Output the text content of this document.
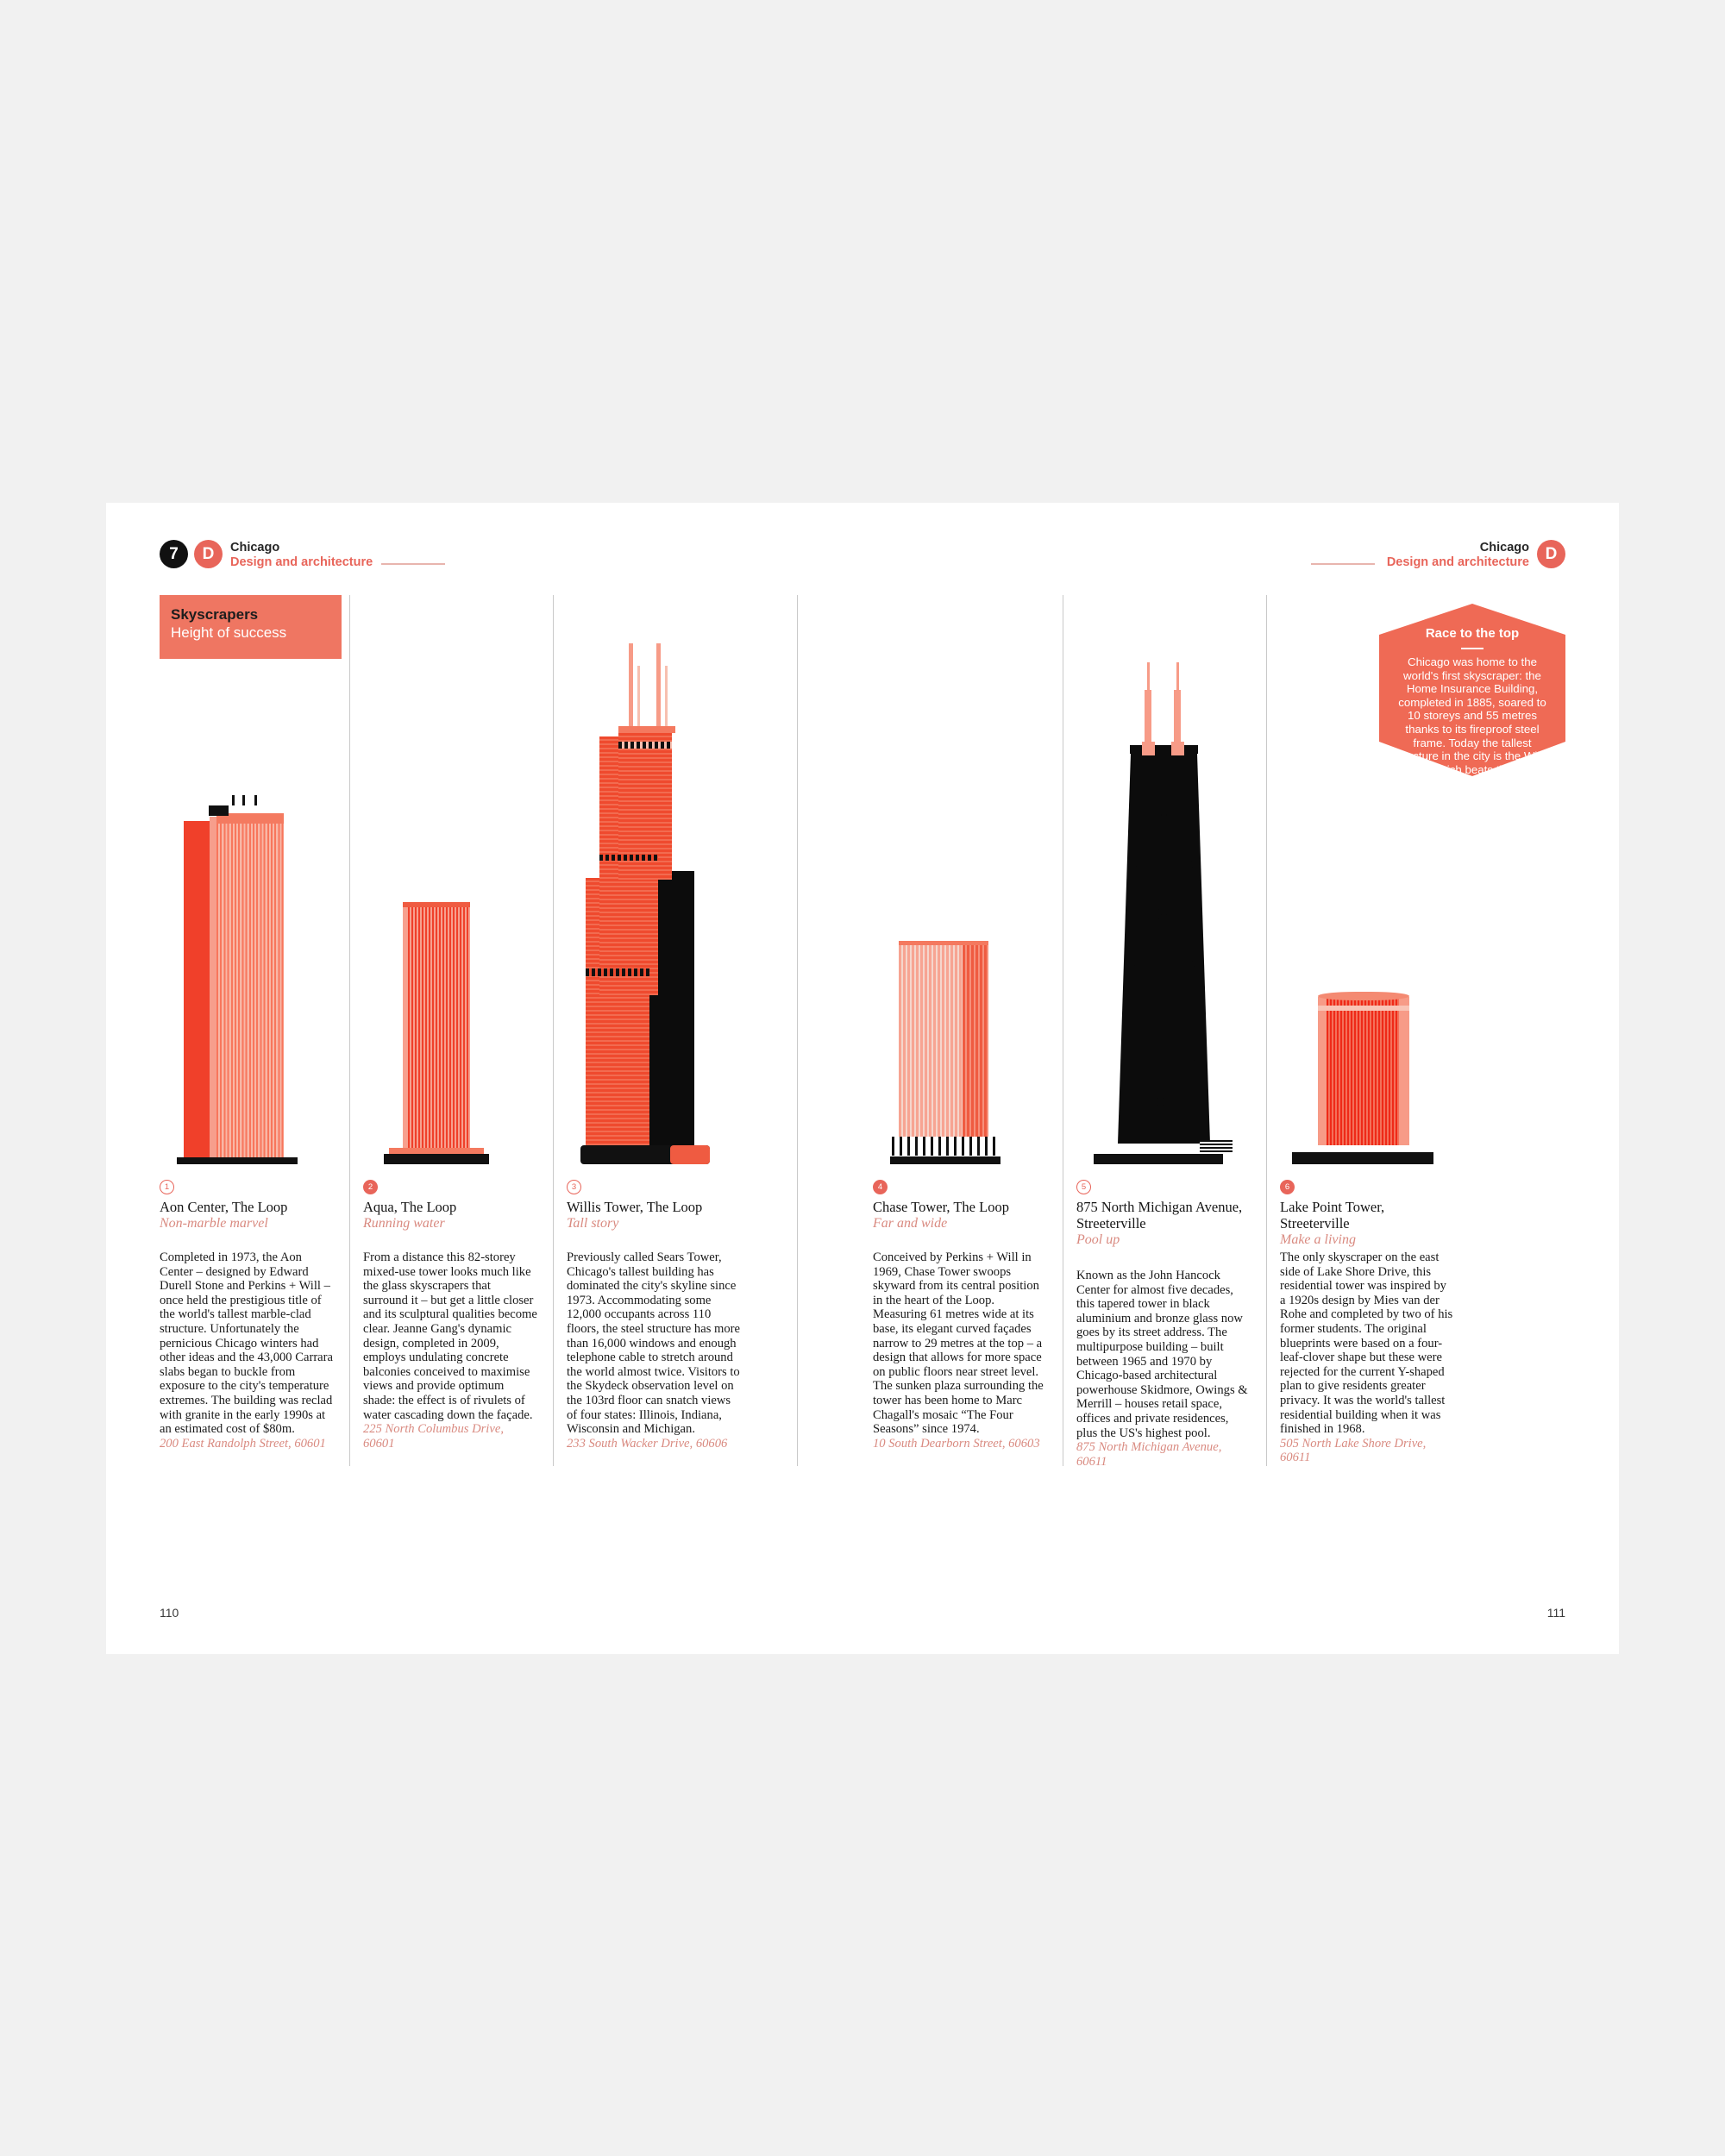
7	D	Chicago
Design and architecture
Chicago
Design and architecture D
Skyscrapers
Height of success	Race to the top
Chicago was home to the world's first skyscraper: the Home Insurance Building, completed in 1885, soared to 10 storeys and 55 metres thanks to its fireproof steel frame. Today the tallest structure in the city is the Willis Tower, which beats the former by a casual 388 metres.
1
Aon Center, The Loop
Non-marble marvel
Completed in 1973, the Aon Center – designed by Edward Durell Stone and Perkins + Will – once held the prestigious title of the world's tallest marble-clad structure. Unfortunately the pernicious Chicago winters had other ideas and the 43,000 Carrara slabs began to buckle from exposure to the city's temperature extremes. The building was reclad with granite in the early 1990s at an estimated cost of $80m.
200 East Randolph Street, 60601
2
Aqua, The Loop
Running water
From a distance this 82-storey mixed-use tower looks much like the glass skyscrapers that surround it – but get a little closer and its sculptural qualities become clear. Jeanne Gang's dynamic design, completed in 2009, employs undulating concrete balconies conceived to maximise views and provide optimum shade: the effect is of rivulets of water cascading down the façade.
225 North Columbus Drive, 60601
3
Willis Tower, The Loop
Tall story
Previously called Sears Tower, Chicago's tallest building has dominated the city's skyline since 1973. Accommodating some 12,000 occupants across 110 floors, the steel structure has more than 16,000 windows and enough telephone cable to stretch around the world almost twice. Visitors to the Skydeck observation level on the 103rd floor can snatch views of four states: Illinois, Indiana, Wisconsin and Michigan.
233 South Wacker Drive, 60606
4
Chase Tower, The Loop
Far and wide
Conceived by Perkins + Will in 1969, Chase Tower swoops skyward from its central position in the heart of the Loop. Measuring 61 metres wide at its base, its elegant curved façades narrow to 29 metres at the top – a design that allows for more space on public floors near street level. The sunken plaza surrounding the tower has been home to Marc Chagall's mosaic “The Four Seasons” since 1974.
10 South Dearborn Street, 60603
5
875 North Michigan Avenue, Streeterville
Pool up
Known as the John Hancock Center for almost five decades, this tapered tower in black aluminium and bronze glass now goes by its street address. The multipurpose building – built between 1965 and 1970 by Chicago-based architectural powerhouse Skidmore, Owings & Merrill – houses retail space, offices and private residences, plus the US's highest pool.
875 North Michigan Avenue, 60611
6
Lake Point Tower, Streeterville
Make a living
The only skyscraper on the east side of Lake Shore Drive, this residential tower was inspired by a 1920s design by Mies van der Rohe and completed by two of his former students. The original blueprints were based on a four-leaf-clover shape but these were rejected for the current Y-shaped plan to give residents greater privacy. It was the world's tallest residential building when it was finished in 1968.
505 North Lake Shore Drive, 60611
110	111
